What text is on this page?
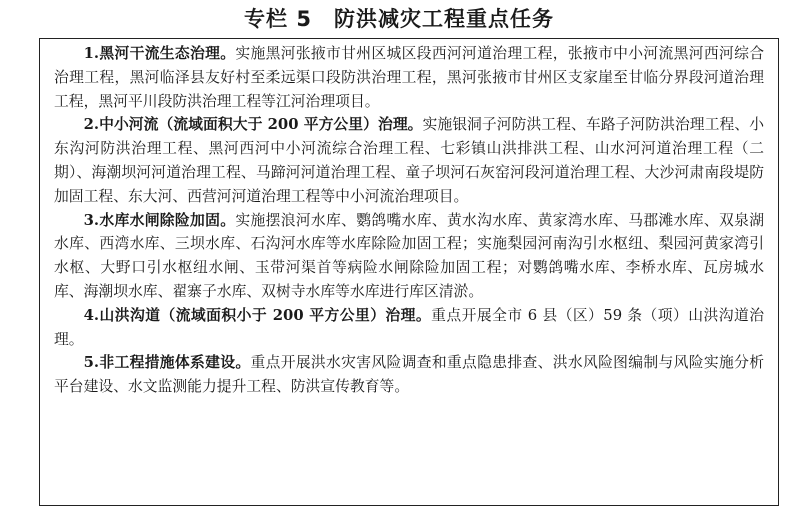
专栏 5　防洪减灾工程重点任务

1.黑河干流生态治理。实施黑河张掖市甘州区城区段西河河道治理工程，张掖市中小河流黑河西河综合治理工程，黑河临泽县友好村至柔远渠口段防洪治理工程，黑河张掖市甘州区支家崖至甘临分界段河道治理工程，黑河平川段防洪治理工程等江河治理项目。

2.中小河流（流域面积大于 200 平方公里）治理。实施银洞子河防洪工程、车路子河防洪治理工程、小东沟河防洪治理工程、黑河西河中小河流综合治理工程、七彩镇山洪排洪工程、山水河河道治理工程（二期）、海潮坝河河道治理工程、马蹄河河道治理工程、童子坝河石灰窑河段河道治理工程、大沙河肃南段堤防加固工程、东大河、西营河河道治理工程等中小河流治理项目。

3.水库水闸除险加固。实施摆浪河水库、鹦鸽嘴水库、黄水沟水库、黄家湾水库、马郡滩水库、双泉湖水库、西湾水库、三坝水库、石沟河水库等水库除险加固工程；实施梨园河南沟引水枢纽、梨园河黄家湾引水枢、大野口引水枢纽水闸、玉带河渠首等病险水闸除险加固工程；对鹦鸽嘴水库、李桥水库、瓦房城水库、海潮坝水库、翟寨子水库、双树寺水库等水库进行库区清淤。

4.山洪沟道（流域面积小于 200 平方公里）治理。重点开展全市 6 县（区）59 条（项）山洪沟道治理。

5.非工程措施体系建设。重点开展洪水灾害风险调查和重点隐患排查、洪水风险图编制与风险实施分析平台建设、水文监测能力提升工程、防洪宣传教育等。
